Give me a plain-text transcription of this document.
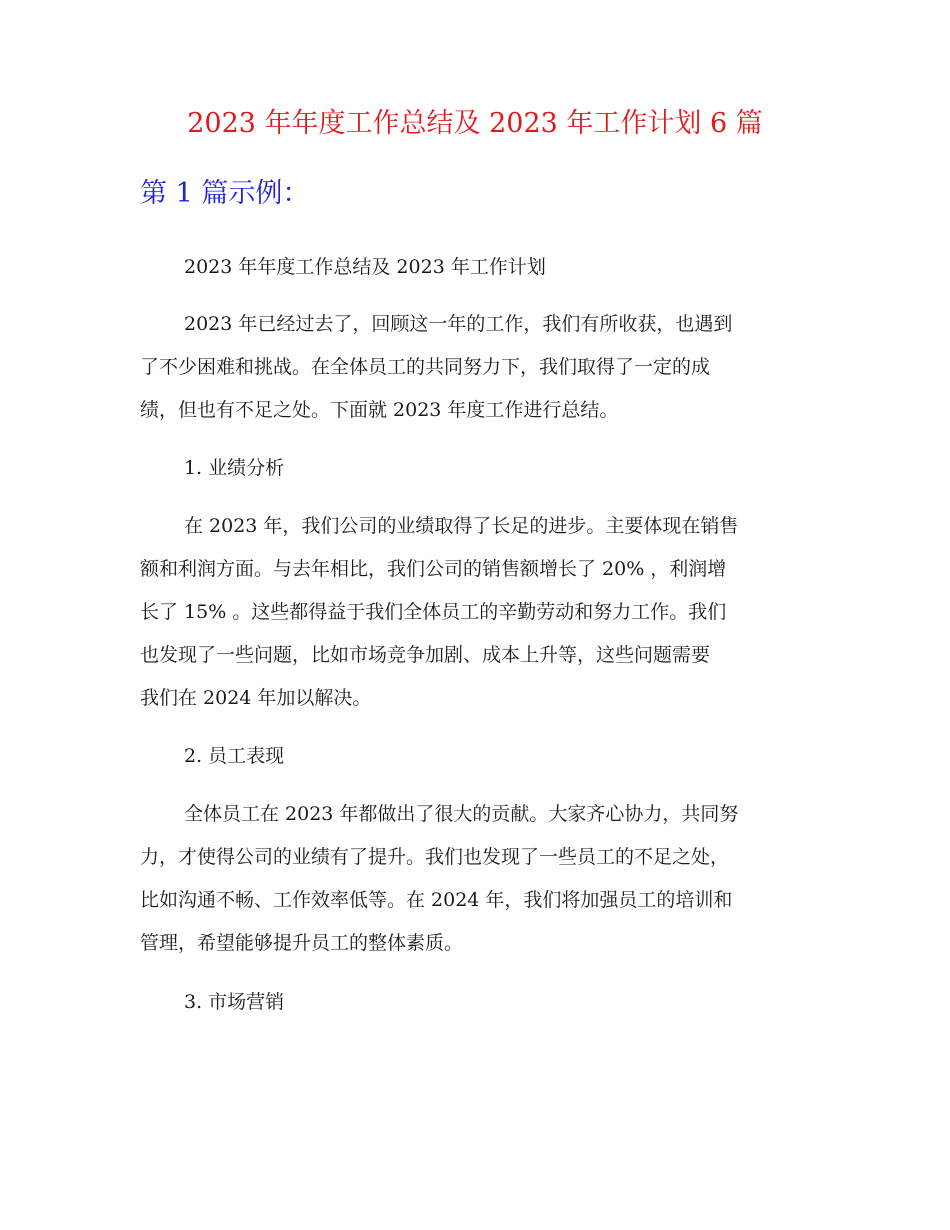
2023 年年度工作总结及 2023 年工作计划 6 篇
第 1 篇示例：

2023 年年度工作总结及 2023 年工作计划

2023 年已经过去了，回顾这一年的工作，我们有所收获，也遇到

了不少困难和挑战。在全体员工的共同努力下，我们取得了一定的成

绩，但也有不足之处。下面就 2023 年度工作进行总结。

1. 业绩分析

在 2023 年，我们公司的业绩取得了长足的进步。主要体现在销售

额和利润方面。与去年相比，我们公司的销售额增长了 20% ，利润增

长了 15% 。这些都得益于我们全体员工的辛勤劳动和努力工作。我们

也发现了一些问题，比如市场竞争加剧、成本上升等，这些问题需要

我们在 2024 年加以解决。

2. 员工表现

全体员工在 2023 年都做出了很大的贡献。大家齐心协力，共同努

力，才使得公司的业绩有了提升。我们也发现了一些员工的不足之处，

比如沟通不畅、工作效率低等。在 2024 年，我们将加强员工的培训和

管理，希望能够提升员工的整体素质。

3. 市场营销
